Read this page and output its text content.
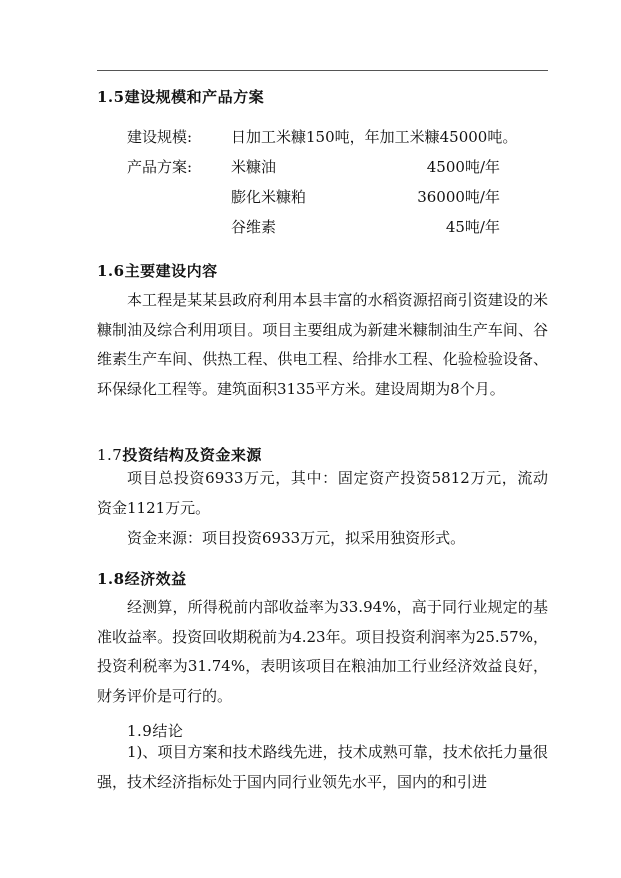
1.5建设规模和产品方案
建设规模:	日加工米糠150吨，年加工米糠45000吨。
产品方案:	米糠油	4500吨/年
膨化米糠粕	36000吨/年
谷维素	45吨/年
1.6主要建设内容

本工程是某某县政府利用本县丰富的水稻资源招商引资建设的米糠制油及综合利用项目。项目主要组成为新建米糠制油生产车间、谷维素生产车间、供热工程、供电工程、给排水工程、化验检验设备、环保绿化工程等。建筑面积3135平方米。建设周期为8个月。

1.7投资结构及资金来源

项目总投资6933万元，其中：固定资产投资5812万元，流动资金1121万元。

资金来源：项目投资6933万元，拟采用独资形式。

1.8经济效益

经测算，所得税前内部收益率为33.94%，高于同行业规定的基准收益率。投资回收期税前为4.23年。项目投资利润率为25.57%，投资利税率为31.74%，表明该项目在粮油加工行业经济效益良好，财务评价是可行的。

1.9结论

1)、项目方案和技术路线先进，技术成熟可靠，技术依托力量很强，技术经济指标处于国内同行业领先水平，国内的和引进
